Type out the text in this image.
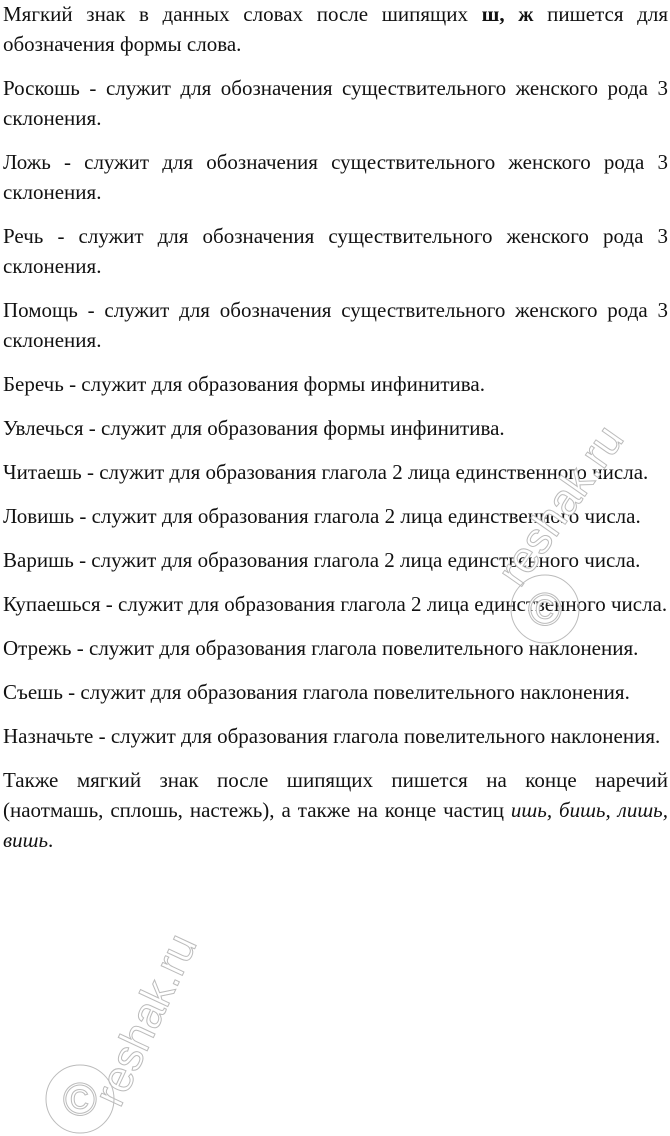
Мягкий знак в данных словах после шипящих ш, ж пишется для обозначения формы слова.

Роскошь - служит для обозначения существительного женского рода 3 склонения.

Ложь - служит для обозначения существительного женского рода 3 склонения.

Речь - служит для обозначения существительного женского рода 3 склонения.

Помощь - служит для обозначения существительного женского рода 3 склонения.

Беречь - служит для образования формы инфинитива.

Увлечься - служит для образования формы инфинитива.

Читаешь - служит для образования глагола 2 лица единственного числа.

Ловишь - служит для образования глагола 2 лица единственного числа.

Варишь - служит для образования глагола 2 лица единственного числа.

Купаешься - служит для образования глагола 2 лица единственного числа.

Отрежь - служит для образования глагола повелительного наклонения.

Съешь - служит для образования глагола повелительного наклонения.

Назначьте - служит для образования глагола повелительного наклонения.

Также мягкий знак после шипящих пишется на конце наречий (наотмашь, сплошь, настежь), а также на конце частиц ишь, бишь, лишь, вишь.
